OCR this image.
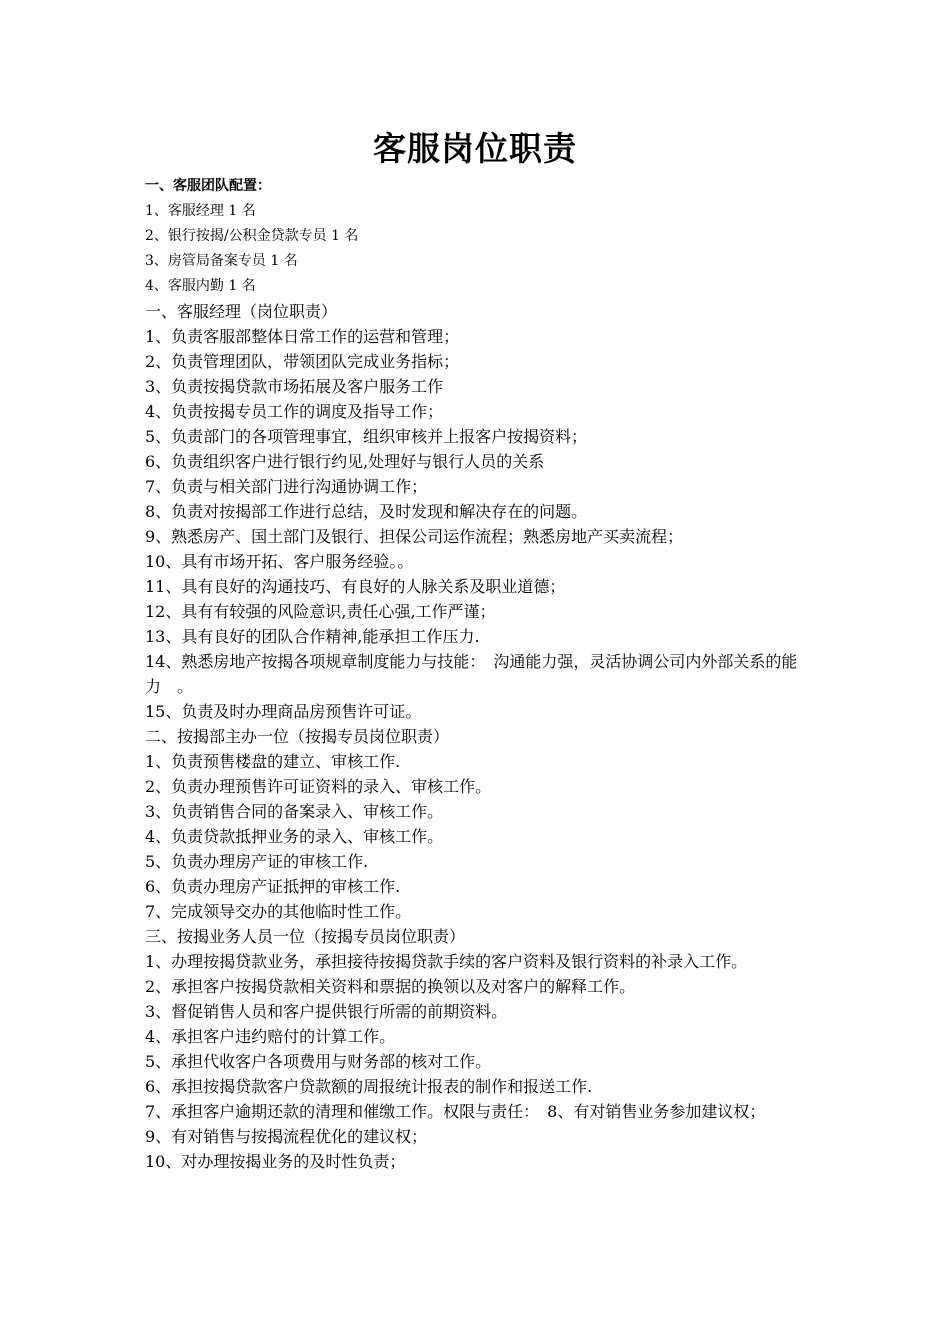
客服岗位职责
一、客服团队配置：
1、客服经理 1 名
2、银行按揭/公积金贷款专员 1 名
3、房管局备案专员 1 名
4、客服内勤 1 名
一、客服经理（岗位职责）
1、负责客服部整体日常工作的运营和管理；
2、负责管理团队，带领团队完成业务指标；
3、负责按揭贷款市场拓展及客户服务工作
4、负责按揭专员工作的调度及指导工作；
5、负责部门的各项管理事宜，组织审核并上报客户按揭资料；
6、负责组织客户进行银行约见,处理好与银行人员的关系
7、负责与相关部门进行沟通协调工作；
8、负责对按揭部工作进行总结，及时发现和解决存在的问题。
9、熟悉房产、国土部门及银行、担保公司运作流程；熟悉房地产买卖流程；
10、具有市场开拓、客户服务经验。。
11、具有良好的沟通技巧、有良好的人脉关系及职业道德；
12、具有有较强的风险意识,责任心强,工作严谨；
13、具有良好的团队合作精神,能承担工作压力.
14、熟悉房地产按揭各项规章制度能力与技能：　沟通能力强，灵活协调公司内外部关系的能力　。
15、负责及时办理商品房预售许可证。
二、按揭部主办一位（按揭专员岗位职责）
1、负责预售楼盘的建立、审核工作.
2、负责办理预售许可证资料的录入、审核工作。
3、负责销售合同的备案录入、审核工作。
4、负责贷款抵押业务的录入、审核工作。
5、负责办理房产证的审核工作.
6、负责办理房产证抵押的审核工作.
7、完成领导交办的其他临时性工作。
三、按揭业务人员一位（按揭专员岗位职责）
1、办理按揭贷款业务，承担接待按揭贷款手续的客户资料及银行资料的补录入工作。
2、承担客户按揭贷款相关资料和票据的换领以及对客户的解释工作。
3、督促销售人员和客户提供银行所需的前期资料。
4、承担客户违约赔付的计算工作。
5、承担代收客户各项费用与财务部的核对工作。
6、承担按揭贷款客户贷款额的周报统计报表的制作和报送工作.
7、承担客户逾期还款的清理和催缴工作。权限与责任：　8、有对销售业务参加建议权；
9、有对销售与按揭流程优化的建议权；
10、对办理按揭业务的及时性负责；
